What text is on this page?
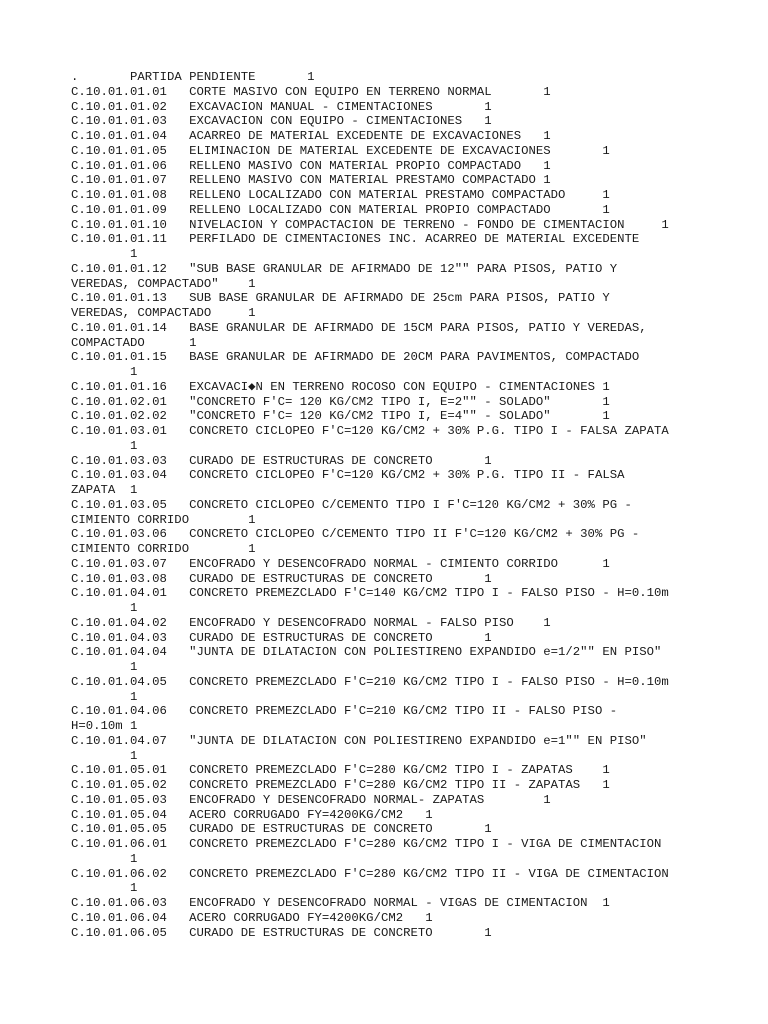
.	PARTIDA PENDIENTE	1
C.10.01.01.01	CORTE MASIVO CON EQUIPO EN TERRENO NORMAL	1
C.10.01.01.02	EXCAVACION MANUAL - CIMENTACIONES	1
C.10.01.01.03	EXCAVACION CON EQUIPO - CIMENTACIONES	1
C.10.01.01.04	ACARREO DE MATERIAL EXCEDENTE DE EXCAVACIONES	1
C.10.01.01.05	ELIMINACION DE MATERIAL EXCEDENTE DE EXCAVACIONES	1
C.10.01.01.06	RELLENO MASIVO CON MATERIAL PROPIO COMPACTADO	1
C.10.01.01.07	RELLENO MASIVO CON MATERIAL PRESTAMO COMPACTADO	1
C.10.01.01.08	RELLENO LOCALIZADO CON MATERIAL PRESTAMO COMPACTADO	1
C.10.01.01.09	RELLENO LOCALIZADO CON MATERIAL PROPIO COMPACTADO	1
C.10.01.01.10	NIVELACION Y COMPACTACION DE TERRENO - FONDO DE CIMENTACION	1
C.10.01.01.11	PERFILADO DE CIMENTACIONES INC. ACARREO DE MATERIAL EXCEDENTE
	1
C.10.01.01.12	"SUB BASE GRANULAR DE AFIRMADO DE 12"" PARA PISOS, PATIO Y
VEREDAS, COMPACTADO"	1
C.10.01.01.13	SUB BASE GRANULAR DE AFIRMADO DE 25cm PARA PISOS, PATIO Y
VEREDAS, COMPACTADO	1
C.10.01.01.14	BASE GRANULAR DE AFIRMADO DE 15CM PARA PISOS, PATIO Y VEREDAS,
COMPACTADO	1
C.10.01.01.15	BASE GRANULAR DE AFIRMADO DE 20CM PARA PAVIMENTOS, COMPACTADO
	1
C.10.01.01.16	EXCAVACI◆N EN TERRENO ROCOSO CON EQUIPO - CIMENTACIONES	1
C.10.01.02.01	"CONCRETO F'C= 120 KG/CM2 TIPO I, E=2"" - SOLADO"	1
C.10.01.02.02	"CONCRETO F'C= 120 KG/CM2 TIPO I, E=4"" - SOLADO"	1
C.10.01.03.01	CONCRETO CICLOPEO F'C=120 KG/CM2 + 30% P.G. TIPO I - FALSA ZAPATA
	1
C.10.01.03.03	CURADO DE ESTRUCTURAS DE CONCRETO	1
C.10.01.03.04	CONCRETO CICLOPEO F'C=120 KG/CM2 + 30% P.G. TIPO II - FALSA
ZAPATA	1
C.10.01.03.05	CONCRETO CICLOPEO C/CEMENTO TIPO I F'C=120 KG/CM2 + 30% PG -
CIMIENTO CORRIDO	1
C.10.01.03.06	CONCRETO CICLOPEO C/CEMENTO TIPO II F'C=120 KG/CM2 + 30% PG -
CIMIENTO CORRIDO	1
C.10.01.03.07	ENCOFRADO Y DESENCOFRADO NORMAL - CIMIENTO CORRIDO	1
C.10.01.03.08	CURADO DE ESTRUCTURAS DE CONCRETO	1
C.10.01.04.01	CONCRETO PREMEZCLADO F'C=140 KG/CM2 TIPO I - FALSO PISO - H=0.10m
	1
C.10.01.04.02	ENCOFRADO Y DESENCOFRADO NORMAL - FALSO PISO	1
C.10.01.04.03	CURADO DE ESTRUCTURAS DE CONCRETO	1
C.10.01.04.04	"JUNTA DE DILATACION CON POLIESTIRENO EXPANDIDO e=1/2"" EN PISO"
	1
C.10.01.04.05	CONCRETO PREMEZCLADO F'C=210 KG/CM2 TIPO I - FALSO PISO - H=0.10m
	1
C.10.01.04.06	CONCRETO PREMEZCLADO F'C=210 KG/CM2 TIPO II - FALSO PISO -
H=0.10m	1
C.10.01.04.07	"JUNTA DE DILATACION CON POLIESTIRENO EXPANDIDO e=1"" EN PISO"
	1
C.10.01.05.01	CONCRETO PREMEZCLADO F'C=280 KG/CM2 TIPO I - ZAPATAS	1
C.10.01.05.02	CONCRETO PREMEZCLADO F'C=280 KG/CM2 TIPO II - ZAPATAS	1
C.10.01.05.03	ENCOFRADO Y DESENCOFRADO NORMAL- ZAPATAS	1
C.10.01.05.04	ACERO CORRUGADO FY=4200KG/CM2	1
C.10.01.05.05	CURADO DE ESTRUCTURAS DE CONCRETO	1
C.10.01.06.01	CONCRETO PREMEZCLADO F'C=280 KG/CM2 TIPO I - VIGA DE CIMENTACION
	1
C.10.01.06.02	CONCRETO PREMEZCLADO F'C=280 KG/CM2 TIPO II - VIGA DE CIMENTACION
	1
C.10.01.06.03	ENCOFRADO Y DESENCOFRADO NORMAL - VIGAS DE CIMENTACION	1
C.10.01.06.04	ACERO CORRUGADO FY=4200KG/CM2	1
C.10.01.06.05	CURADO DE ESTRUCTURAS DE CONCRETO	1
